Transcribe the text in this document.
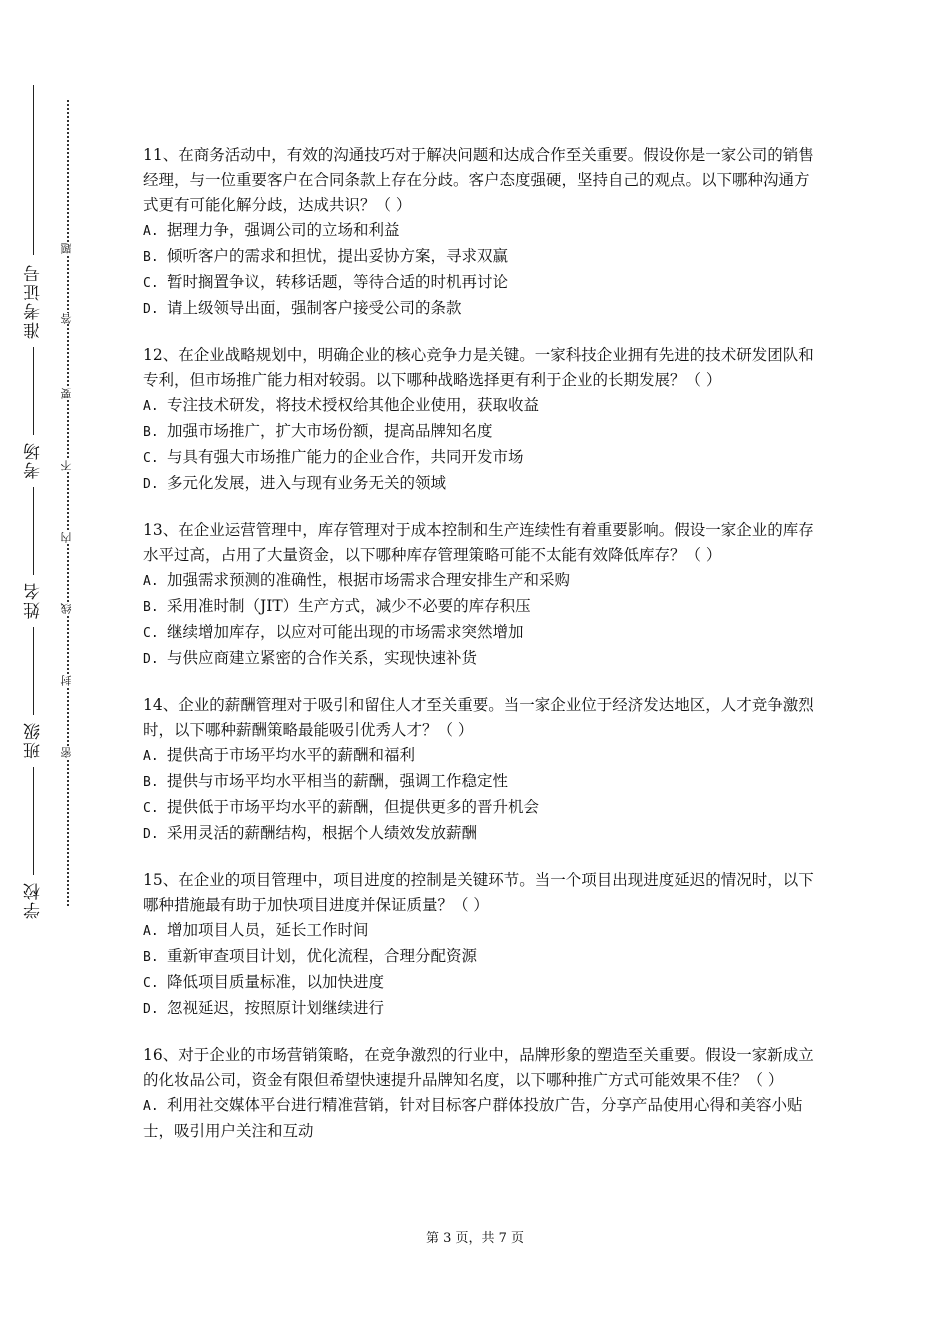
准考证号
考场
姓名
班级
学校
题
答
要
不
内
线
封
密

11、在商务活动中，有效的沟通技巧对于解决问题和达成合作至关重要。假设你是一家公司的销售经理，与一位重要客户在合同条款上存在分歧。客户态度强硬，坚持自己的观点。以下哪种沟通方式更有可能化解分歧，达成共识？（ ）

A. 据理力争，强调公司的立场和利益
B. 倾听客户的需求和担忧，提出妥协方案，寻求双赢
C. 暂时搁置争议，转移话题，等待合适的时机再讨论
D. 请上级领导出面，强制客户接受公司的条款

12、在企业战略规划中，明确企业的核心竞争力是关键。一家科技企业拥有先进的技术研发团队和专利，但市场推广能力相对较弱。以下哪种战略选择更有利于企业的长期发展？（ ）

A. 专注技术研发，将技术授权给其他企业使用，获取收益
B. 加强市场推广，扩大市场份额，提高品牌知名度
C. 与具有强大市场推广能力的企业合作，共同开发市场
D. 多元化发展，进入与现有业务无关的领域

13、在企业运营管理中，库存管理对于成本控制和生产连续性有着重要影响。假设一家企业的库存水平过高，占用了大量资金，以下哪种库存管理策略可能不太能有效降低库存？（ ）

A. 加强需求预测的准确性，根据市场需求合理安排生产和采购
B. 采用准时制（JIT）生产方式，减少不必要的库存积压
C. 继续增加库存，以应对可能出现的市场需求突然增加
D. 与供应商建立紧密的合作关系，实现快速补货

14、企业的薪酬管理对于吸引和留住人才至关重要。当一家企业位于经济发达地区，人才竞争激烈时，以下哪种薪酬策略最能吸引优秀人才？（ ）

A. 提供高于市场平均水平的薪酬和福利
B. 提供与市场平均水平相当的薪酬，强调工作稳定性
C. 提供低于市场平均水平的薪酬，但提供更多的晋升机会
D. 采用灵活的薪酬结构，根据个人绩效发放薪酬

15、在企业的项目管理中，项目进度的控制是关键环节。当一个项目出现进度延迟的情况时，以下哪种措施最有助于加快项目进度并保证质量？（ ）

A. 增加项目人员，延长工作时间
B. 重新审查项目计划，优化流程，合理分配资源
C. 降低项目质量标准，以加快进度
D. 忽视延迟，按照原计划继续进行

16、对于企业的市场营销策略，在竞争激烈的行业中，品牌形象的塑造至关重要。假设一家新成立的化妆品公司，资金有限但希望快速提升品牌知名度，以下哪种推广方式可能效果不佳？（ ）

A. 利用社交媒体平台进行精准营销，针对目标客户群体投放广告，分享产品使用心得和美容小贴士，吸引用户关注和互动
第 3 页，共 7 页
